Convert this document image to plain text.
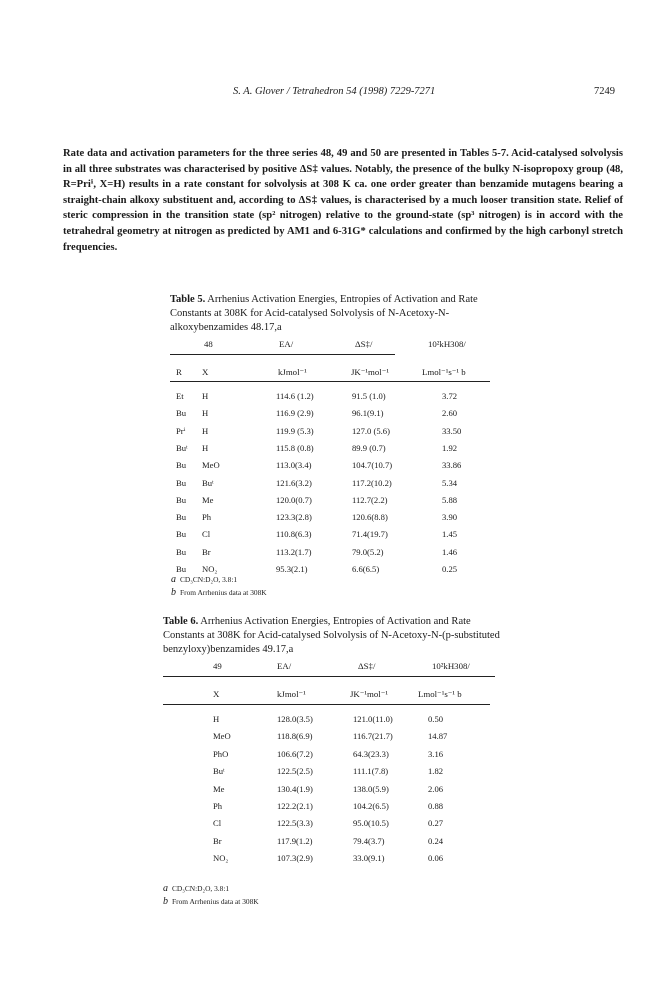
S. A. Glover / Tetrahedron 54 (1998) 7229-7271	7249
Rate data and activation parameters for the three series 48, 49 and 50 are presented in Tables 5-7. Acid-catalysed solvolysis in all three substrates was characterised by positive ΔS‡ values. Notably, the presence of the bulky N-isopropoxy group (48, R=Priⁱ, X=H) results in a rate constant for solvolysis at 308 K ca. one order greater than benzamide mutagens bearing a straight-chain alkoxy substituent and, according to ΔS‡ values, is characterised by a much looser transition state. Relief of steric compression in the transition state (sp² nitrogen) relative to the ground-state (sp³ nitrogen) is in accord with the tetrahedral geometry at nitrogen as predicted by AM1 and 6-31G* calculations and confirmed by the high carbonyl stretch frequencies.
Table 5. Arrhenius Activation Energies, Entropies of Activation and Rate Constants at 308K for Acid-catalysed Solvolysis of N-Acetoxy-N-alkoxybenzamides 48.17,a
48	EA/	ΔS‡/	10²kH308/
R X	kJmol⁻¹	JK⁻¹mol⁻¹	Lmol⁻¹s⁻¹ b
Et H	114.6 (1.2)	91.5 (1.0)	3.72
Bu H	116.9 (2.9)	96.1(9.1)	2.60
Prⁱ H	119.9 (5.3)	127.0 (5.6)	33.50
Buᵗ H	115.8 (0.8)	89.9 (0.7)	1.92
Bu MeO	113.0(3.4)	104.7(10.7)	33.86
Bu Buᵗ	121.6(3.2)	117.2(10.2)	5.34
Bu Me	120.0(0.7)	112.7(2.2)	5.88
Bu Ph	123.3(2.8)	120.6(8.8)	3.90
Bu Cl	110.8(6.3)	71.4(19.7)	1.45
Bu Br	113.2(1.7)	79.0(5.2)	1.46
Bu NO₂	95.3(2.1)	6.6(6.5)	0.25
a CD₃CN:D₂O, 3.8:1
b From Arrhenius data at 308K
Table 6. Arrhenius Activation Energies, Entropies of Activation and Rate Constants at 308K for Acid-catalysed Solvolysis of N-Acetoxy-N-(p-substituted benzyloxy)benzamides 49.17,a
49	EA/	ΔS‡/	10²kH308/
X	kJmol⁻¹	JK⁻¹mol⁻¹	Lmol⁻¹s⁻¹ b
H	128.0(3.5)	121.0(11.0)	0.50
MeO	118.8(6.9)	116.7(21.7)	14.87
PhO	106.6(7.2)	64.3(23.3)	3.16
Buᵗ	122.5(2.5)	111.1(7.8)	1.82
Me	130.4(1.9)	138.0(5.9)	2.06
Ph	122.2(2.1)	104.2(6.5)	0.88
Cl	122.5(3.3)	95.0(10.5)	0.27
Br	117.9(1.2)	79.4(3.7)	0.24
NO₂	107.3(2.9)	33.0(9.1)	0.06
a CD₃CN:D₂O, 3.8:1
b From Arrhenius data at 308K
